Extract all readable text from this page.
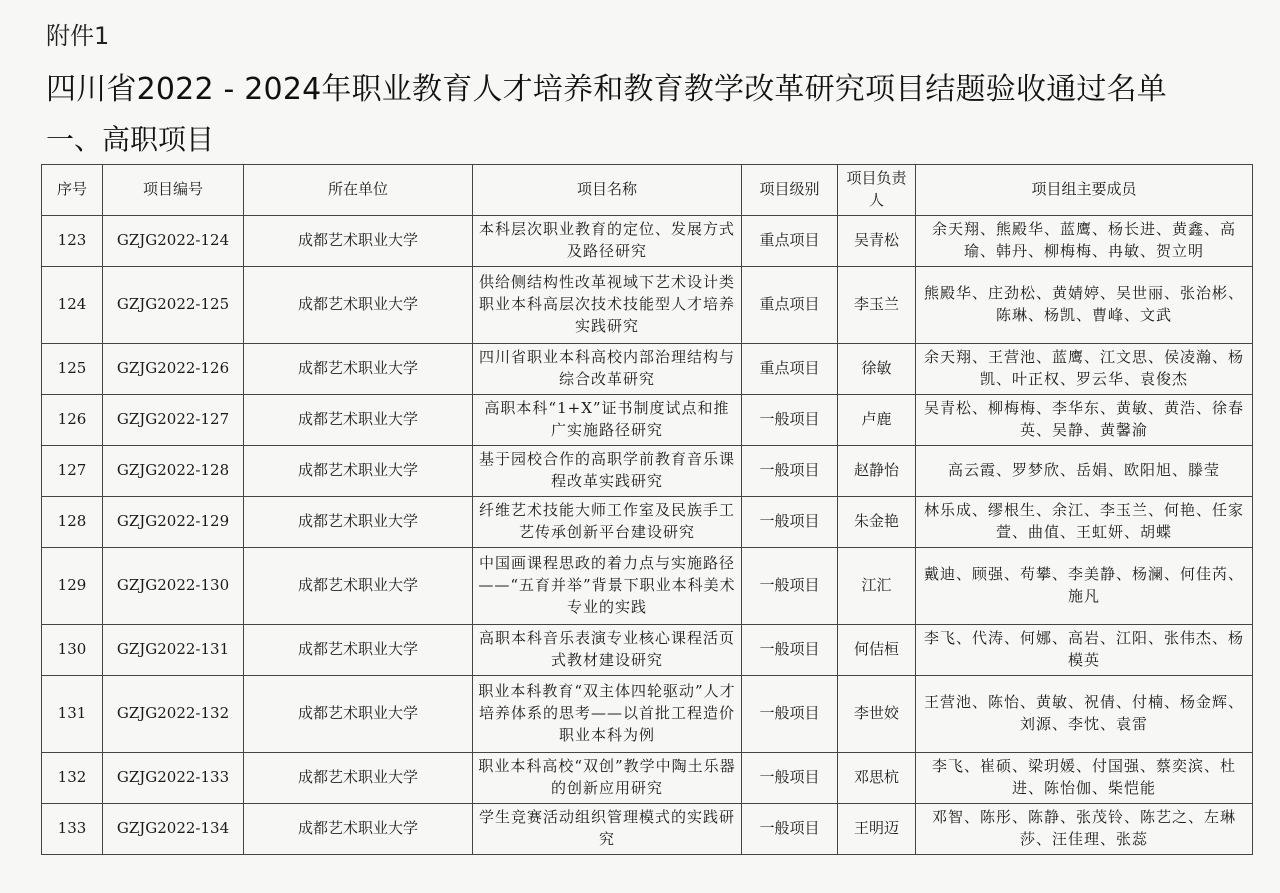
附件1
四川省2022 - 2024年职业教育人才培养和教育教学改革研究项目结题验收通过名单
一、高职项目
序号	项目编号	所在单位	项目名称	项目级别	项目负责人	项目组主要成员
123	GZJG2022-124	成都艺术职业大学	本科层次职业教育的定位、发展方式及路径研究	重点项目	吴青松	余天翔、熊殿华、蓝鹰、杨长进、黄鑫、高瑜、韩丹、柳梅梅、冉敏、贺立明
124	GZJG2022-125	成都艺术职业大学	供给侧结构性改革视域下艺术设计类职业本科高层次技术技能型人才培养实践研究	重点项目	李玉兰	熊殿华、庄劲松、黄婧婷、吴世丽、张治彬、陈琳、杨凯、曹峰、文武
125	GZJG2022-126	成都艺术职业大学	四川省职业本科高校内部治理结构与综合改革研究	重点项目	徐敏	余天翔、王营池、蓝鹰、江文思、侯凌瀚、杨凯、叶正权、罗云华、袁俊杰
126	GZJG2022-127	成都艺术职业大学	高职本科“1+X”证书制度试点和推广实施路径研究	一般项目	卢鹿	吴青松、柳梅梅、李华东、黄敏、黄浩、徐春英、吴静、黄馨渝
127	GZJG2022-128	成都艺术职业大学	基于园校合作的高职学前教育音乐课程改革实践研究	一般项目	赵静怡	高云霞、罗梦欣、岳娟、欧阳旭、滕莹
128	GZJG2022-129	成都艺术职业大学	纤维艺术技能大师工作室及民族手工艺传承创新平台建设研究	一般项目	朱金艳	林乐成、缪根生、余江、李玉兰、何艳、任家萱、曲值、王虹妍、胡蝶
129	GZJG2022-130	成都艺术职业大学	中国画课程思政的着力点与实施路径——“五育并举”背景下职业本科美术专业的实践	一般项目	江汇	戴迪、顾强、苟攀、李美静、杨澜、何佳芮、施凡
130	GZJG2022-131	成都艺术职业大学	高职本科音乐表演专业核心课程活页式教材建设研究	一般项目	何佶桓	李飞、代涛、何娜、高岩、江阳、张伟杰、杨模英
131	GZJG2022-132	成都艺术职业大学	职业本科教育“双主体四轮驱动”人才培养体系的思考——以首批工程造价职业本科为例	一般项目	李世姣	王营池、陈怡、黄敏、祝倩、付楠、杨金辉、刘源、李忱、袁雷
132	GZJG2022-133	成都艺术职业大学	职业本科高校“双创”教学中陶土乐器的创新应用研究	一般项目	邓思杭	李飞、崔硕、梁玥媛、付国强、蔡奕滨、杜进、陈怡伽、柴恺能
133	GZJG2022-134	成都艺术职业大学	学生竞赛活动组织管理模式的实践研究	一般项目	王明迈	邓智、陈彤、陈静、张茂铃、陈艺之、左琳莎、汪佳理、张蕊
